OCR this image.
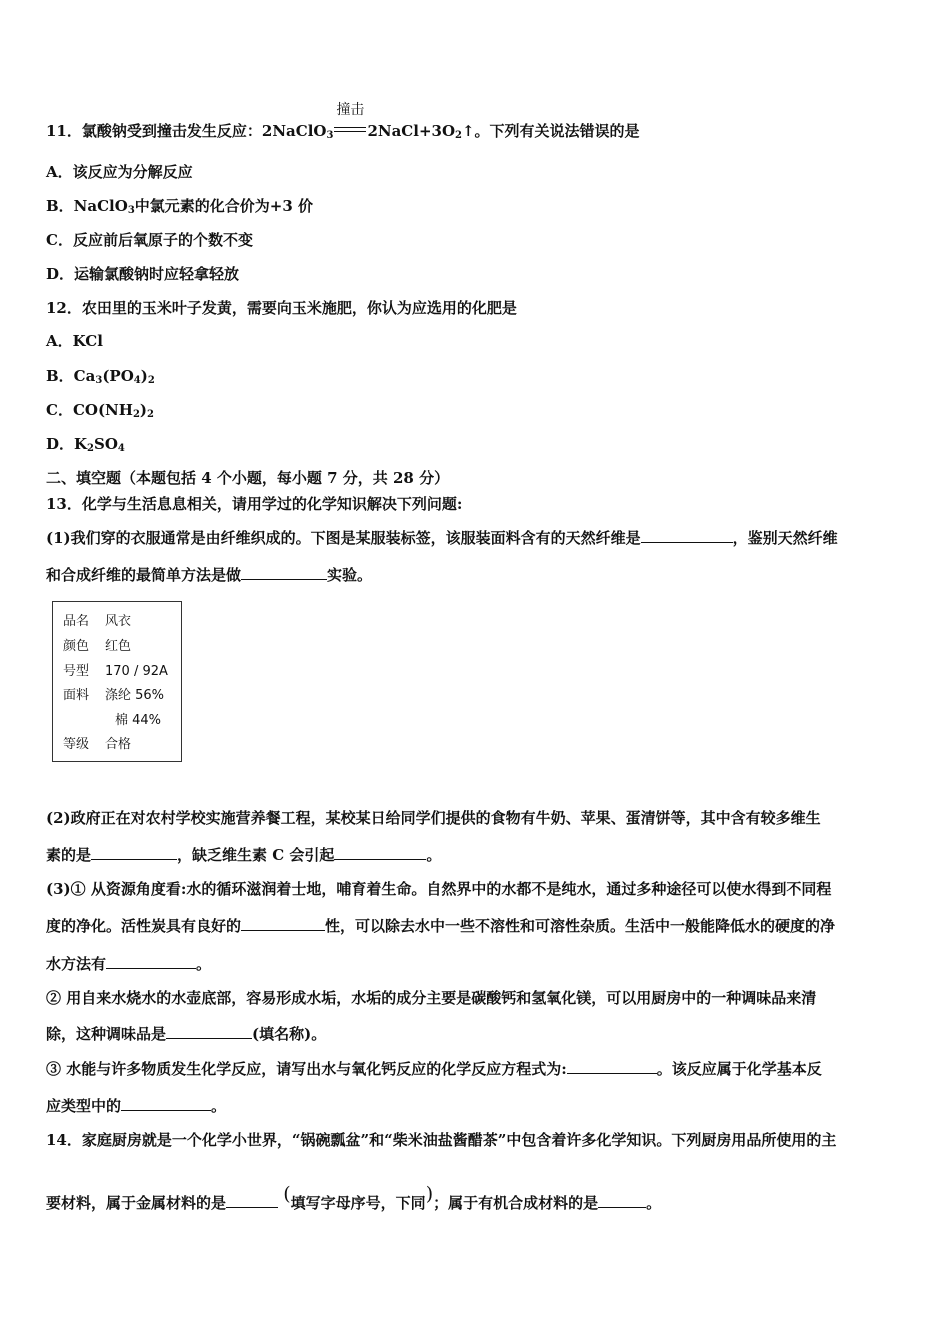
11．氯酸钠受到撞击发生反应：2NaClO$_3$
撞击
$2NaCl+3O_2↑$。下列有关说法错误的是
A．该反应为分解反应
B．NaClO$_3$中氯元素的化合价为+3 价
C．反应前后氧原子的个数不变
D．运输氯酸钠时应轻拿轻放
12．农田里的玉米叶子发黄，需要向玉米施肥，你认为应选用的化肥是
A．KCl
B．$Ca_3(PO_4)_2$
C．$CO(NH_2)_2$
D．$K_2SO_4$
二、填空题（本题包括 4 个小题，每小题 7 分，共 28 分）
13．化学与生活息息相关，请用学过的化学知识解决下列问题:
(1)我们穿的衣服通常是由纤维织成的。下图是某服装标签，该服装面料含有的天然纤维是	，鉴别天然纤维
和合成纤维的最简单方法是做	实验。
品名 风衣
颜色 红色
号型 170 / 92A
面料 涤纶 56%
棉 44%
等级 合格
(2)政府正在对农村学校实施营养餐工程，某校某日给同学们提供的食物有牛奶、苹果、蛋清饼等，其中含有较多维生
素的是	，缺乏维生素 C 会引起	。
(3)① 从资源角度看:水的循环滋润着士地，哺育着生命。自然界中的水都不是纯水，通过多种途径可以使水得到不同程
度的净化。活性炭具有良好的	性，可以除去水中一些不溶性和可溶性杂质。生活中一般能降低水的硬度的净
水方法有	。
② 用自来水烧水的水壶底部，容易形成水垢，水垢的成分主要是碳酸钙和氢氧化镁，可以用厨房中的一种调味品来清
除，这种调味品是	(填名称)。
③ 水能与许多物质发生化学反应，请写出水与氧化钙反应的化学反应方程式为:	。该反应属于化学基本反
应类型中的	。
14．家庭厨房就是一个化学小世界，“锅碗瓢盆”和“柴米油盐酱醋茶”中包含着许多化学知识。下列厨房用品所使用的主
要材料，属于金属材料的是	(填写字母序号，下同)；属于有机合成材料的是	。
